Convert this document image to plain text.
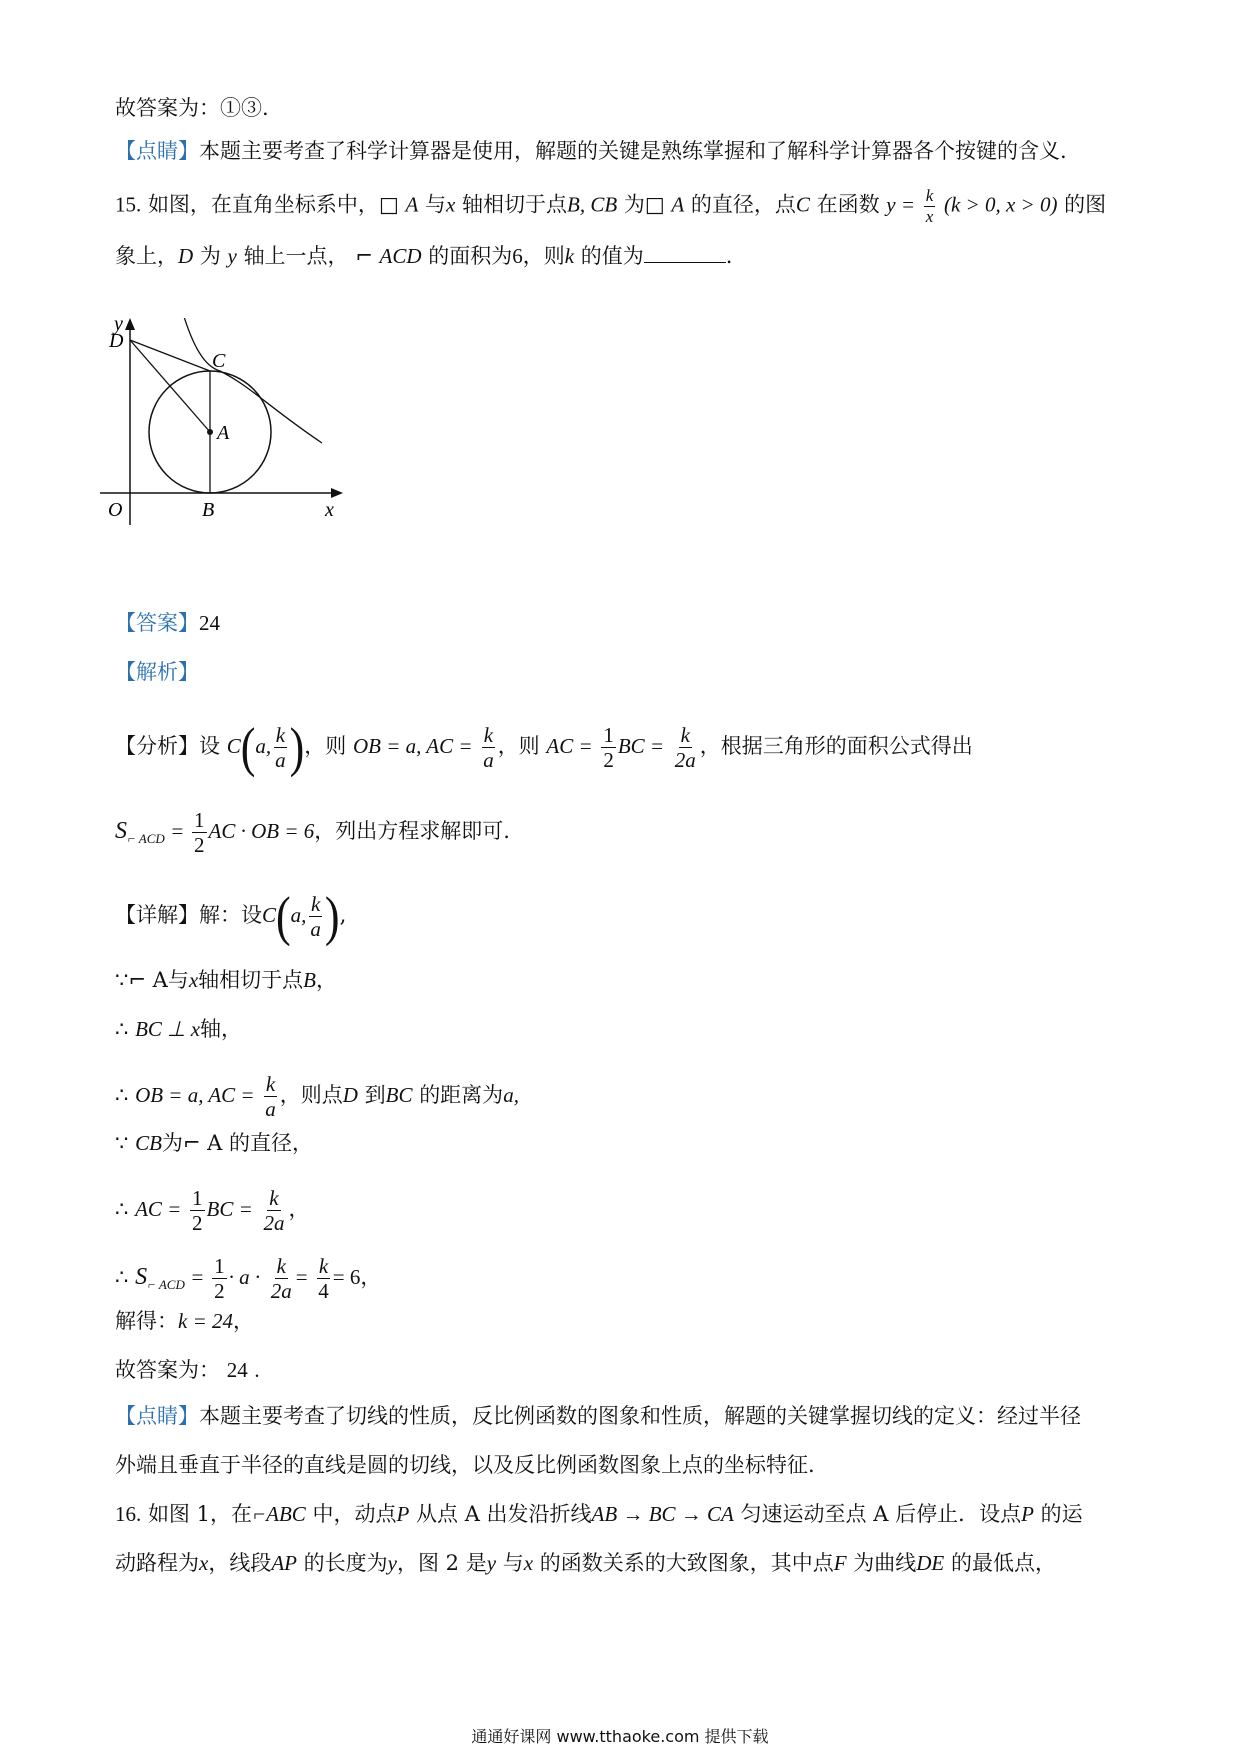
故答案为：①③.
【点睛】本题主要考查了科学计算器是使用，解题的关键是熟练掌握和了解科学计算器各个按键的含义.
15. 如图，在直角坐标系中，□ A 与x 轴相切于点B, CB 为□ A 的直径，点C 在函数 $y = \frac{k}{x} (k > 0$, x > 0) 的图
象上，D 为 y 轴上一点， ⌐ ACD 的面积为6，则k 的值为	.
y
D
C
A
O	B	x
【答案】24
【解析】
【分析】设 C(a, $\frac{k}{a}$ )，则 OB = a, AC = $\frac{k}{a}$ ，则 AC = $\frac{1}{2}$ BC = $\frac{k}{2a}$ ，根据三角形的面积公式得出
$S_{⌐ ACD} = \frac{1}{2}$ AC · OB = 6，列出方程求解即可.
【详解】解：设C(a, $\frac{k}{a}$ ),
∵⌐ A与x轴相切于点B，
∴ BC ⊥ x轴，
∴ OB = a, AC = $\frac{k}{a}$ ，则点D 到BC 的距离为a,
∵ CB为⌐ A 的直径，
∴ AC = $\frac{1}{2}$ BC = $\frac{k}{2a}$ ，
∴ $S_{⌐ ACD} = \frac{1}{2} \cdot a \cdot \frac{k}{2a} = \frac{k}{4} = 6$，
解得：k = 24，
故答案为： 24 .
【点睛】本题主要考查了切线的性质，反比例函数的图象和性质，解题的关键掌握切线的定义：经过半径
外端且垂直于半径的直线是圆的切线，以及反比例函数图象上点的坐标特征.
16. 如图 1，在⌐ABC 中，动点P 从点 A 出发沿折线AB → BC → CA 匀速运动至点 A 后停止．设点P 的运
动路程为x，线段AP 的长度为y，图 2 是y 与x 的函数关系的大致图象，其中点F 为曲线DE 的最低点，
通通好课网 www.tthaoke.com 提供下载
